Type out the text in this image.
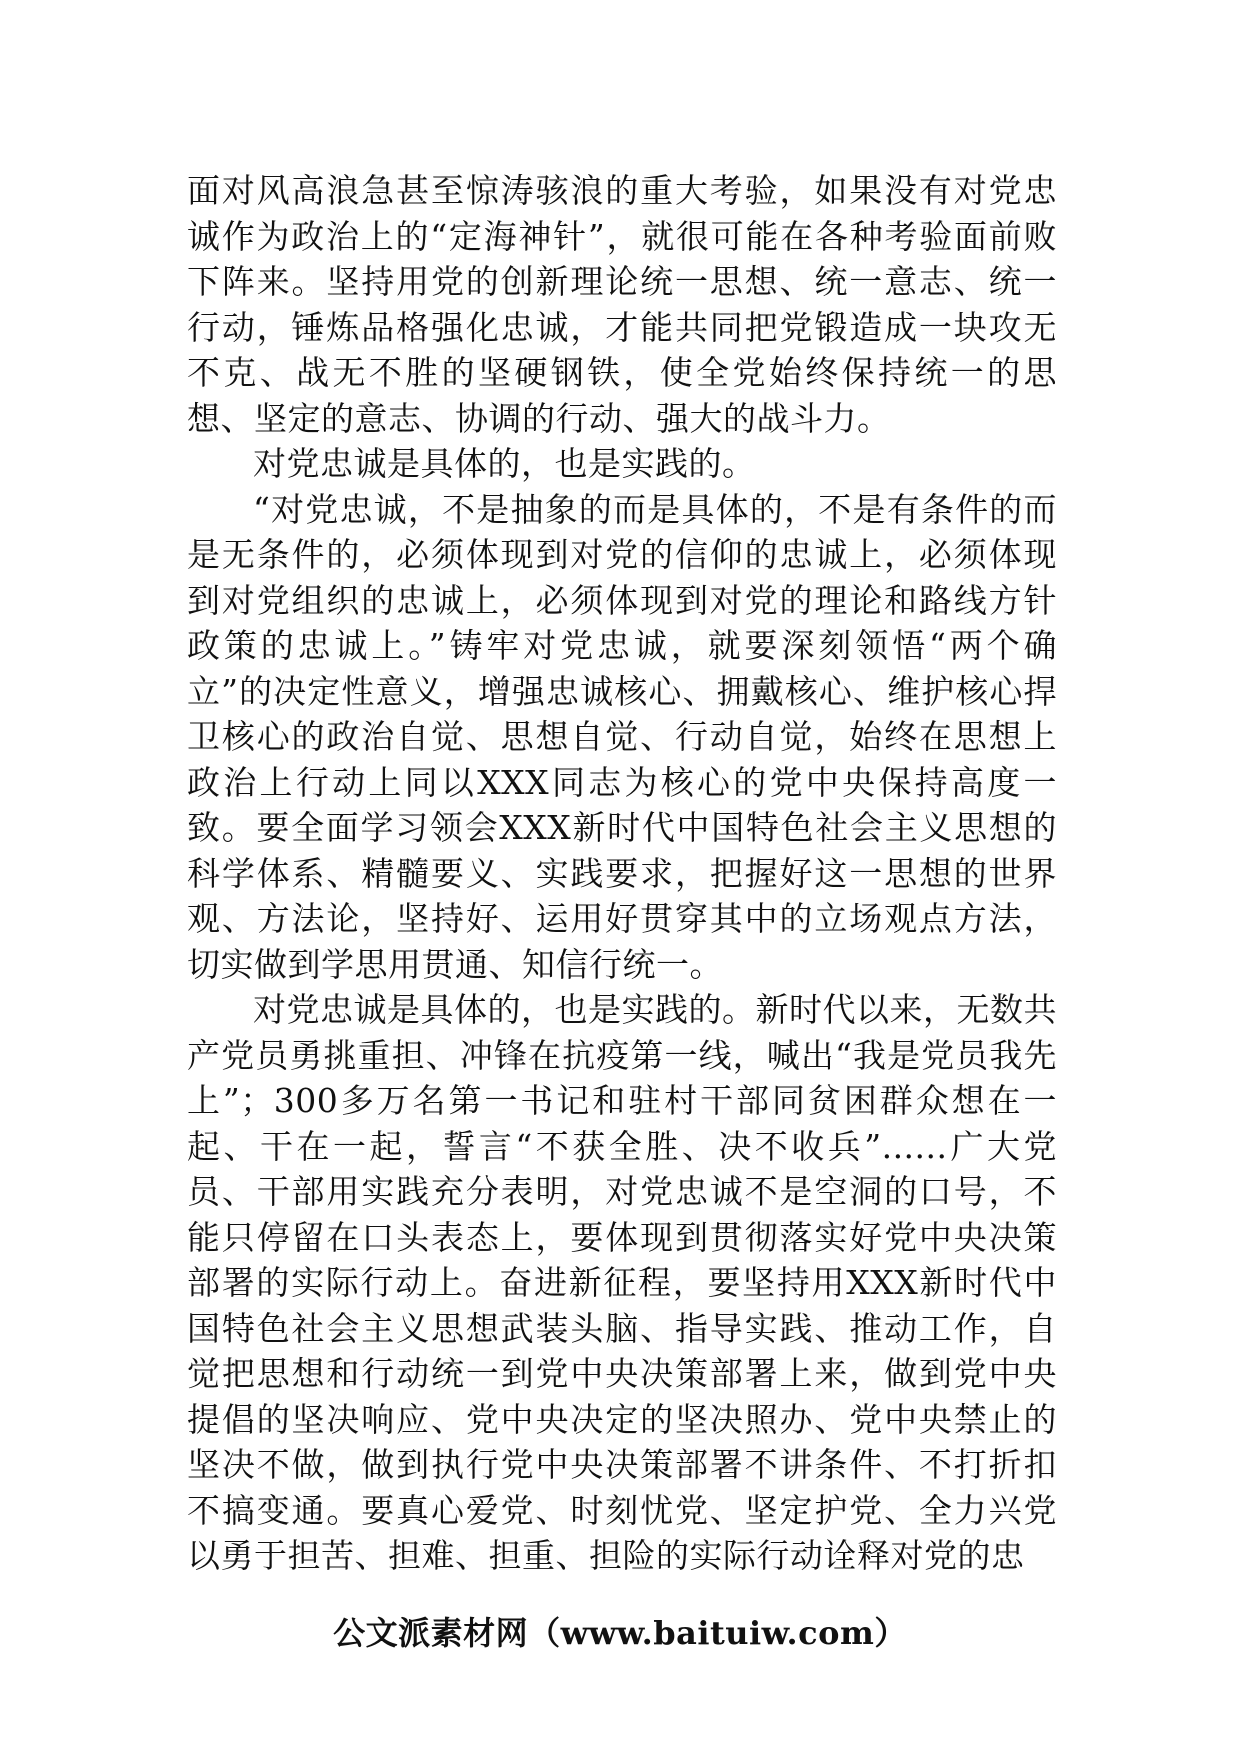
面对风高浪急甚至惊涛骇浪的重大考验，如果没有对党忠诚作为政治上的“定海神针”，就很可能在各种考验面前败下阵来。坚持用党的创新理论统一思想、统一意志、统一行动，锤炼品格强化忠诚，才能共同把党锻造成一块攻无不克、战无不胜的坚硬钢铁，使全党始终保持统一的思想、坚定的意志、协调的行动、强大的战斗力。

对党忠诚是具体的，也是实践的。

“对党忠诚，不是抽象的而是具体的，不是有条件的而是无条件的，必须体现到对党的信仰的忠诚上，必须体现到对党组织的忠诚上，必须体现到对党的理论和路线方针政策的忠诚上。”铸牢对党忠诚，就要深刻领悟“两个确立”的决定性意义，增强忠诚核心、拥戴核心、维护核心捍卫核心的政治自觉、思想自觉、行动自觉，始终在思想上政治上行动上同以XXX同志为核心的党中央保持高度一致。要全面学习领会XXX新时代中国特色社会主义思想的科学体系、精髓要义、实践要求，把握好这一思想的世界观、方法论，坚持好、运用好贯穿其中的立场观点方法，切实做到学思用贯通、知信行统一。

对党忠诚是具体的，也是实践的。新时代以来，无数共产党员勇挑重担、冲锋在抗疫第一线，喊出“我是党员我先上”；300多万名第一书记和驻村干部同贫困群众想在一起、干在一起，誓言“不获全胜、决不收兵”......广大党员、干部用实践充分表明，对党忠诚不是空洞的口号，不能只停留在口头表态上，要体现到贯彻落实好党中央决策部署的实际行动上。奋进新征程，要坚持用XXX新时代中国特色社会主义思想武装头脑、指导实践、推动工作，自觉把思想和行动统一到党中央决策部署上来，做到党中央提倡的坚决响应、党中央决定的坚决照办、党中央禁止的坚决不做，做到执行党中央决策部署不讲条件、不打折扣不搞变通。要真心爱党、时刻忧党、坚定护党、全力兴党以勇于担苦、担难、担重、担险的实际行动诠释对党的忠

公文派素材网（www.baituiw.com）
